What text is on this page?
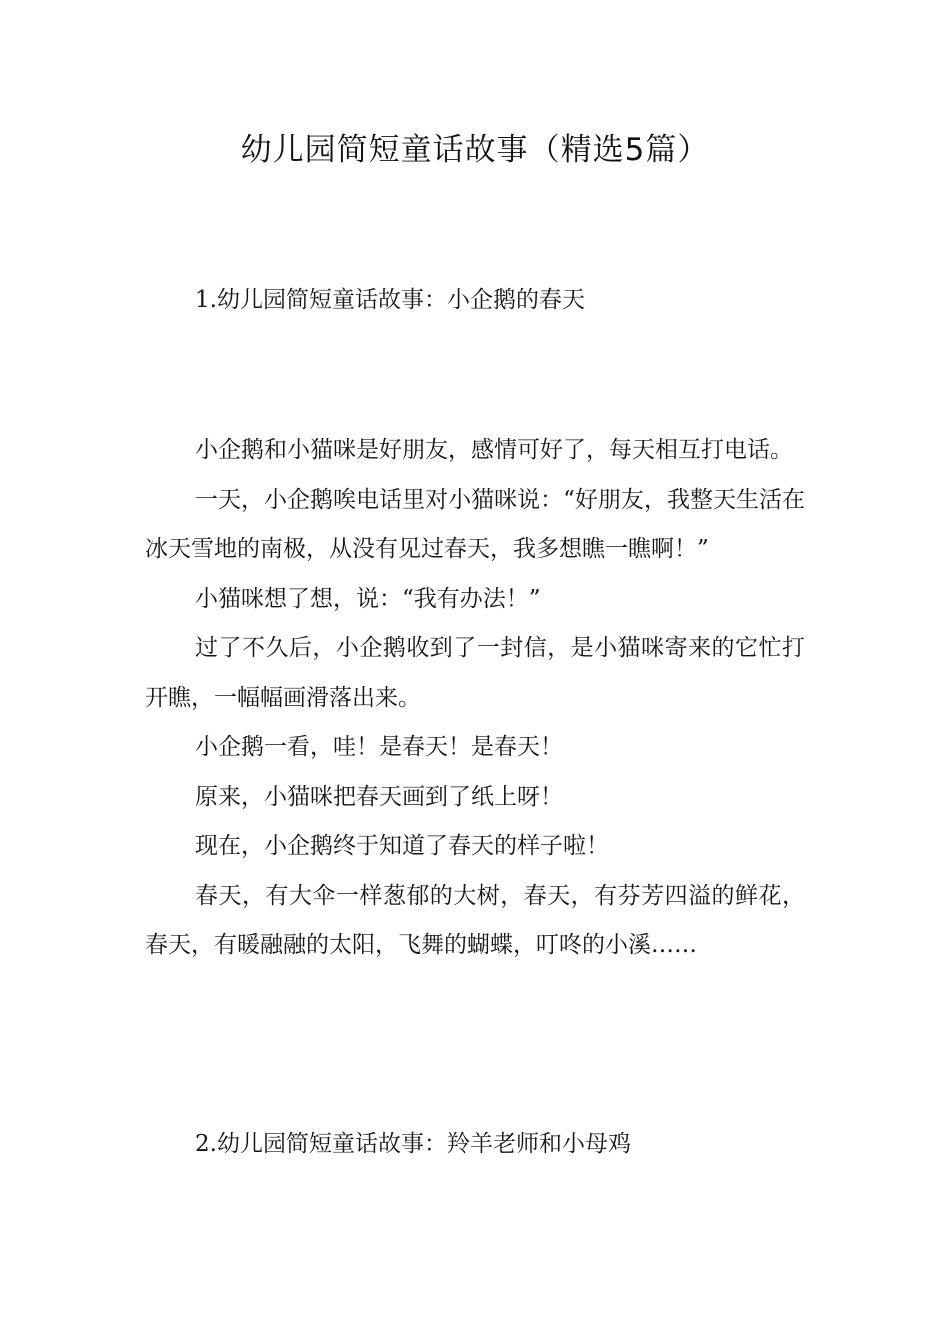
幼儿园简短童话故事（精选5篇）
1.幼儿园简短童话故事：小企鹅的春天

小企鹅和小猫咪是好朋友，感情可好了，每天相互打电话。

一天，小企鹅唉电话里对小猫咪说：“好朋友，我整天生活在冰天雪地的南极，从没有见过春天，我多想瞧一瞧啊！”

小猫咪想了想，说：“我有办法！”

过了不久后，小企鹅收到了一封信，是小猫咪寄来的它忙打开瞧，一幅幅画滑落出来。

小企鹅一看，哇！是春天！是春天！

原来，小猫咪把春天画到了纸上呀！

现在，小企鹅终于知道了春天的样子啦！

春天，有大伞一样葱郁的大树，春天，有芬芳四溢的鲜花，春天，有暖融融的太阳，飞舞的蝴蝶，叮咚的小溪……

2.幼儿园简短童话故事：羚羊老师和小母鸡
